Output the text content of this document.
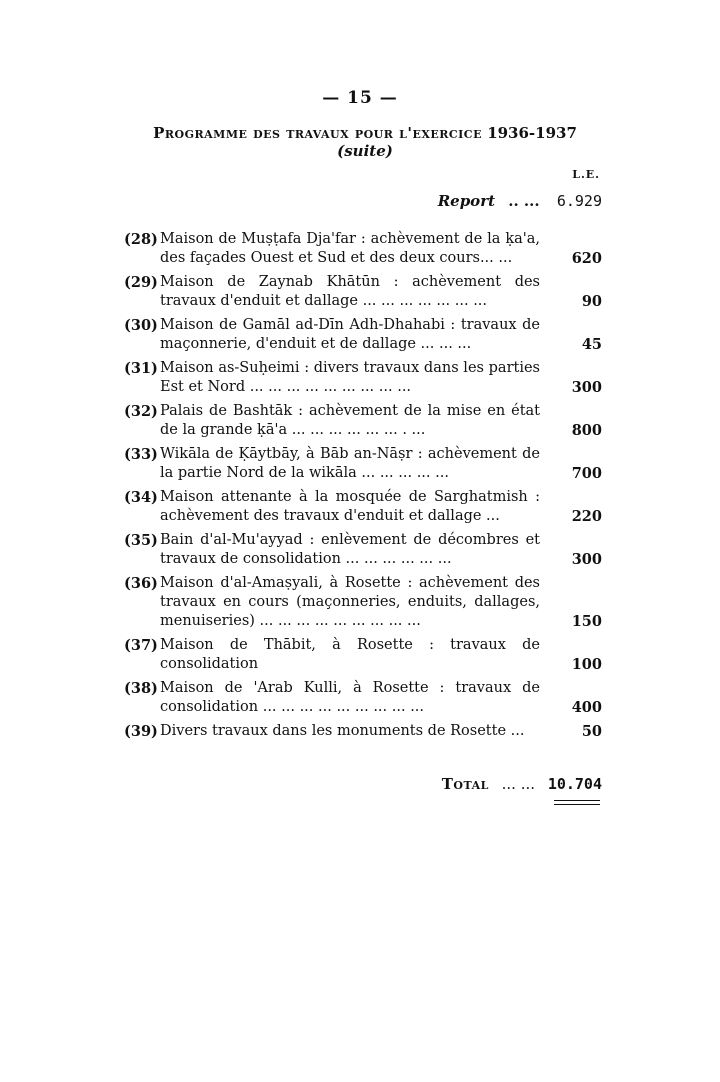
— 15 —
Programme des travaux pour l'exercice 1936-1937 (suite)
L.E.
Report .. ... 6.929
(28) Maison de Muṣṭafa Dja'far : achèvement de la ḳa'a, des façades Ouest et Sud et des deux cours... ...	620
(29) Maison de Zaynab Khātūn : achèvement des travaux d'enduit et dallage ... ... ... ... ... ... ...	90
(30) Maison de Gamāl ad-Dīn Adh-Dhahabi : travaux de maçonnerie, d'enduit et de dallage ... ... ...	45
(31) Maison as-Suḥeimi : divers travaux dans les parties Est et Nord ... ... ... ... ... ... ... ... ...	300
(32) Palais de Bashtāk : achèvement de la mise en état de la grande ḳā'a ... ... ... ... ... ... . ...	800
(33) Wikāla de Ḳāytbāy, à Bāb an-Nāṣr : achèvement de la partie Nord de la wikāla ... ... ... ... ...	700
(34) Maison attenante à la mosquée de Sarghatmish : achèvement des travaux d'enduit et dallage ...	220
(35) Bain d'al-Mu'ayyad : enlèvement de décombres et travaux de consolidation ... ... ... ... ... ...	300
(36) Maison d'al-Amaṣyali, à Rosette : achèvement des travaux en cours (maçonneries, enduits, dallages, menuiseries) ... ... ... ... ... ... ... ... ...	150
(37) Maison de Thābit, à Rosette : travaux de consolidation	100
(38) Maison de 'Arab Kulli, à Rosette : travaux de consolidation ... ... ... ... ... ... ... ... ...	400
(39) Divers travaux dans les monuments de Rosette ...	50
Total ... ... 10.704
